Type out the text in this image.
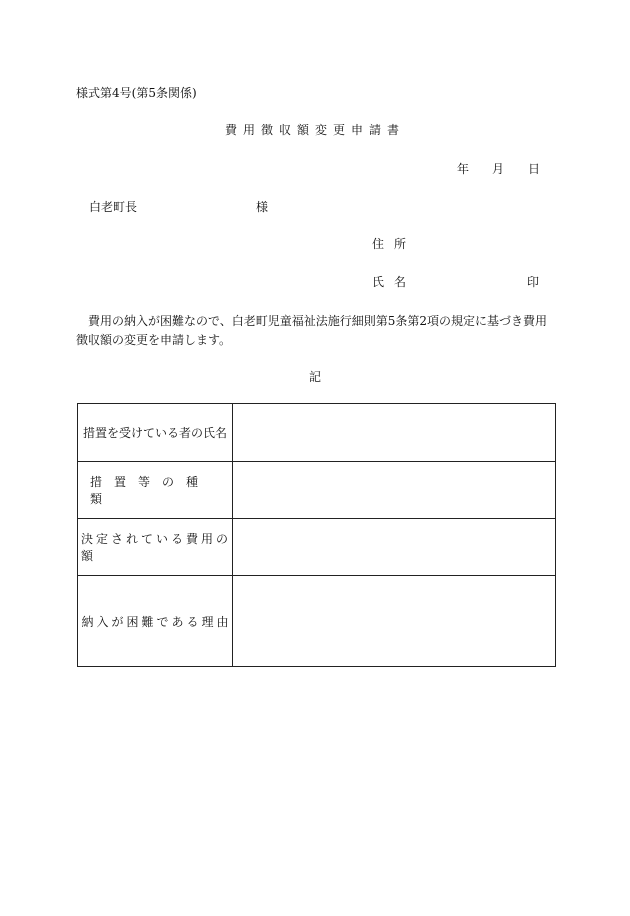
様式第4号(第5条関係)
費用徴収額変更申請書
年 月 日
白老町長	様
住所
氏名	印
費用の納入が困難なので、白老町児童福祉法施行細則第5条第2項の規定に基づき費用徴収額の変更を申請します。
記
措置を受けている者の氏名
措置等の種類
決定されている費用の額
納入が困難である理由
